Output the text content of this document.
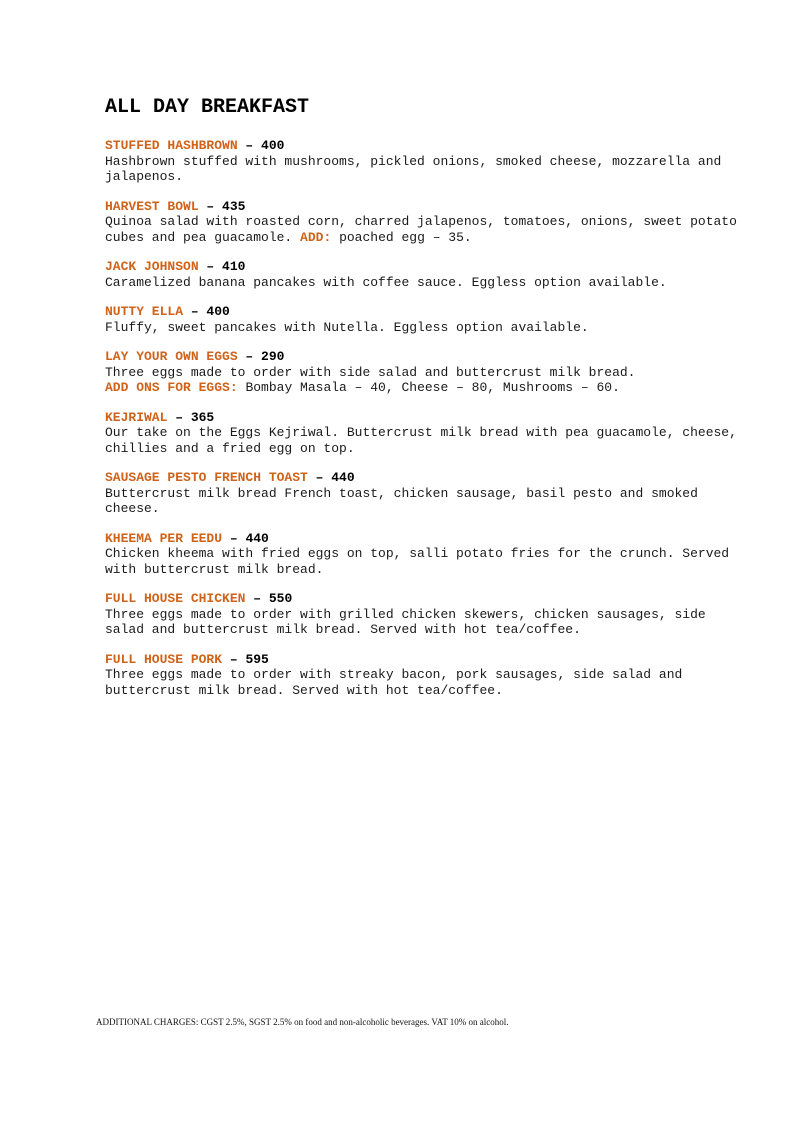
ALL DAY BREAKFAST
STUFFED HASHBROWN – 400
Hashbrown stuffed with mushrooms, pickled onions, smoked cheese, mozzarella and jalapenos.
HARVEST BOWL – 435
Quinoa salad with roasted corn, charred jalapenos, tomatoes, onions, sweet potato cubes and pea guacamole. ADD: poached egg – 35.
JACK JOHNSON – 410
Caramelized banana pancakes with coffee sauce. Eggless option available.
NUTTY ELLA – 400
Fluffy, sweet pancakes with Nutella. Eggless option available.
LAY YOUR OWN EGGS – 290
Three eggs made to order with side salad and buttercrust milk bread.
ADD ONS FOR EGGS: Bombay Masala – 40, Cheese – 80, Mushrooms – 60.
KEJRIWAL – 365
Our take on the Eggs Kejriwal. Buttercrust milk bread with pea guacamole, cheese, chillies and a fried egg on top.
SAUSAGE PESTO FRENCH TOAST – 440
Buttercrust milk bread French toast, chicken sausage, basil pesto and smoked cheese.
KHEEMA PER EEDU – 440
Chicken kheema with fried eggs on top, salli potato fries for the crunch. Served with buttercrust milk bread.
FULL HOUSE CHICKEN – 550
Three eggs made to order with grilled chicken skewers, chicken sausages, side salad and buttercrust milk bread. Served with hot tea/coffee.
FULL HOUSE PORK – 595
Three eggs made to order with streaky bacon, pork sausages, side salad and buttercrust milk bread. Served with hot tea/coffee.
ADDITIONAL CHARGES: CGST 2.5%, SGST 2.5% on food and non-alcoholic beverages. VAT 10% on alcohol.
